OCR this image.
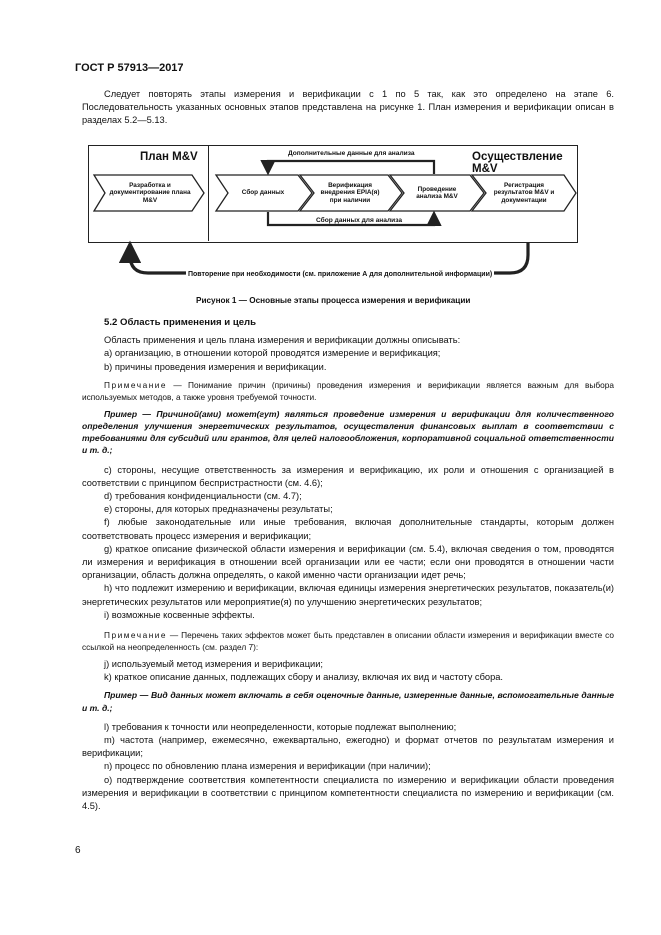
ГОСТ Р 57913—2017

Следует повторять этапы измерения и верификации с 1 по 5 так, как это определено на этапе 6. Последовательность указанных основных этапов представлена на рисунке 1. План измерения и верификации описан в разделах 5.2—5.13.

План M&V	Осуществление M&V
Разработка и документирование плана M&V
Сбор данных
Верификация внедрения ЕРІА(я) при наличии
Проведение анализа M&V
Регистрация результатов M&V и документации
Дополнительные данные для анализа
Сбор данных для анализа
Повторение при необходимости (см. приложение А для дополнительной информации)
Рисунок 1 — Основные этапы процесса измерения и верификации

5.2 Область применения и цель

Область применения и цель плана измерения и верификации должны описывать:

a) организацию, в отношении которой проводятся измерение и верификация;

b) причины проведения измерения и верификации.

Примечание — Понимание причин (причины) проведения измерения и верификации является важным для выбора используемых методов, а также уровня требуемой точности.

Пример — Причиной(ами) может(гут) являться проведение измерения и верификации для количественного определения улучшения энергетических результатов, осуществления финансовых выплат в соответствии с требованиями для субсидий или грантов, для целей налогообложения, корпоративной социальной ответственности и т. д.;

c) стороны, несущие ответственность за измерения и верификацию, их роли и отношения с организацией в соответствии с принципом беспристрастности (см. 4.6);

d) требования конфиденциальности (см. 4.7);

e) стороны, для которых предназначены результаты;

f) любые законодательные или иные требования, включая дополнительные стандарты, которым должен соответствовать процесс измерения и верификации;

g) краткое описание физической области измерения и верификации (см. 5.4), включая сведения о том, проводятся ли измерения и верификация в отношении всей организации или ее части; если они проводятся в отношении части организации, область должна определять, о какой именно части организации идет речь;

h) что подлежит измерению и верификации, включая единицы измерения энергетических результатов, показатель(и) энергетических результатов или мероприятие(я) по улучшению энергетических результатов;

i) возможные косвенные эффекты.

Примечание — Перечень таких эффектов может быть представлен в описании области измерения и верификации вместе со ссылкой на неопределенность (см. раздел 7):

j) используемый метод измерения и верификации;

k) краткое описание данных, подлежащих сбору и анализу, включая их вид и частоту сбора.

Пример — Вид данных может включать в себя оценочные данные, измеренные данные, вспомогательные данные и т. д.;

l) требования к точности или неопределенности, которые подлежат выполнению;

m) частота (например, ежемесячно, ежеквартально, ежегодно) и формат отчетов по результатам измерения и верификации;

n) процесс по обновлению плана измерения и верификации (при наличии);

o) подтверждение соответствия компетентности специалиста по измерению и верификации области проведения измерения и верификации в соответствии с принципом компетентности специалиста по измерению и верификации (см. 4.5).

6
